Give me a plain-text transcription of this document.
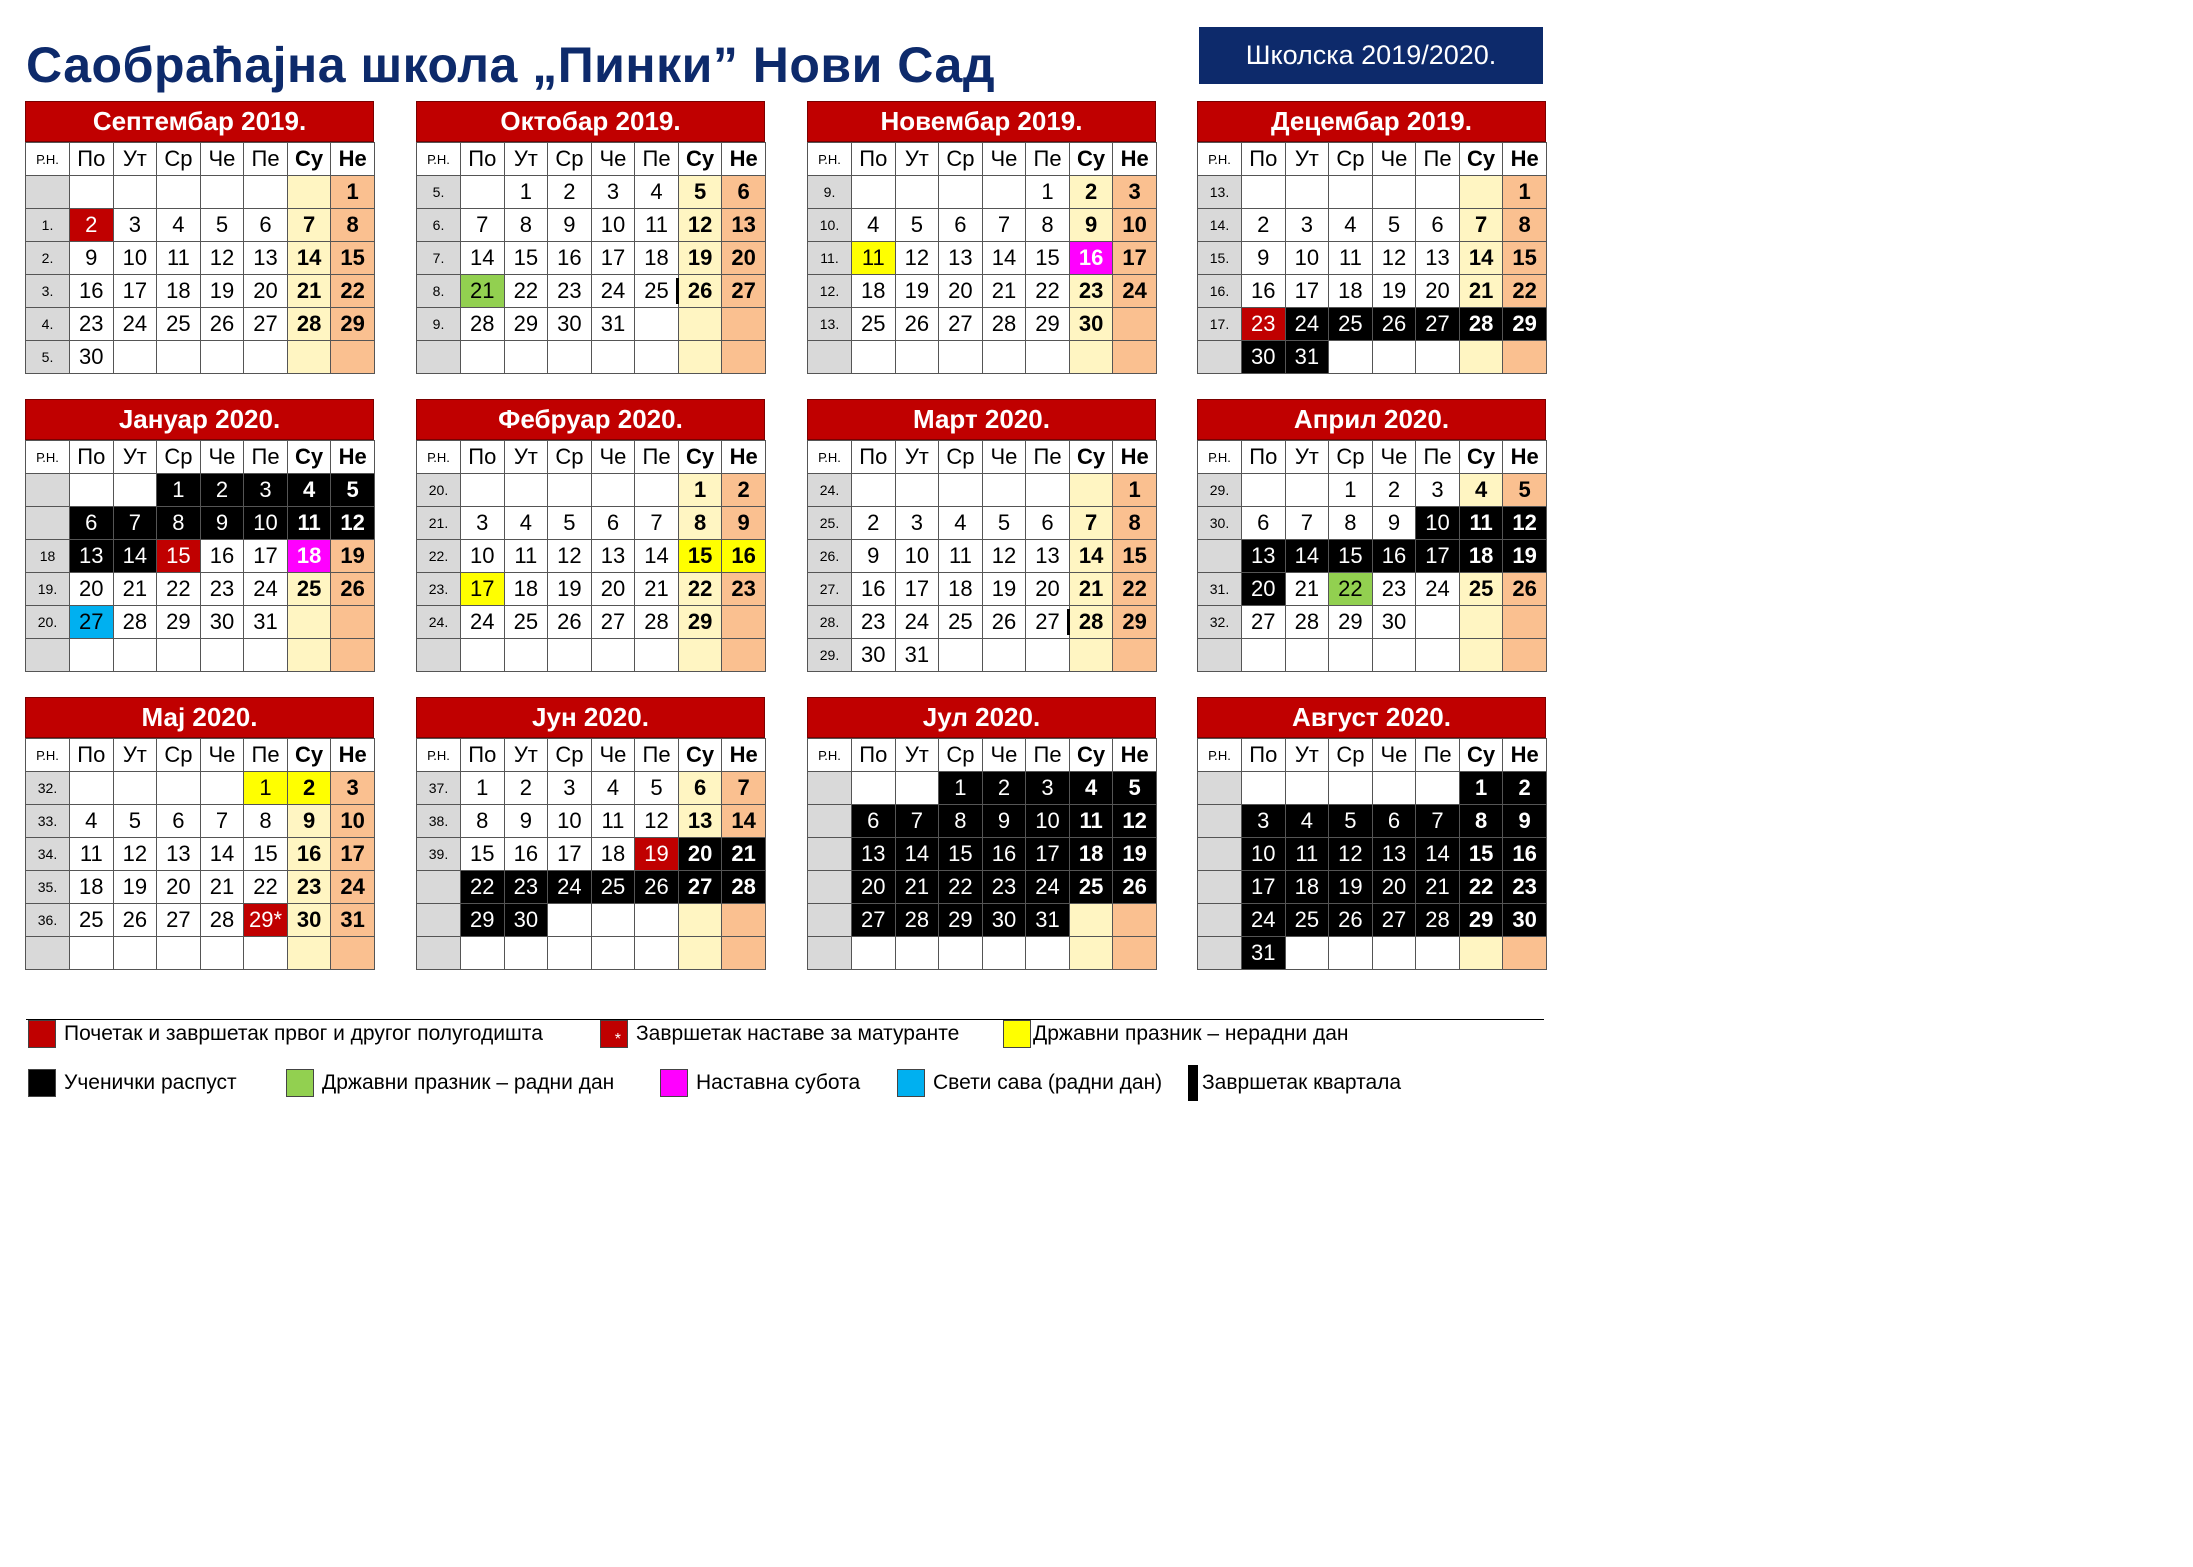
Саобраћајна школа „Пинки” Нови Сад	Школска 2019/2020.
Септембар 2019.
Р.Н.	По	Ут	Ср	Че	Пе	Су	Не
							1
1.	2	3	4	5	6	7	8
2.	9	10	11	12	13	14	15
3.	16	17	18	19	20	21	22
4.	23	24	25	26	27	28	29
5.	30						
Октобар 2019.
Р.Н.	По	Ут	Ср	Че	Пе	Су	Не
5.		1	2	3	4	5	6
6.	7	8	9	10	11	12	13
7.	14	15	16	17	18	19	20
8.	21	22	23	24	25	26	27
9.	28	29	30	31			

Новембар 2019.
Р.Н.	По	Ут	Ср	Че	Пе	Су	Не
9.					1	2	3
10.	4	5	6	7	8	9	10
11.	11	12	13	14	15	16	17
12.	18	19	20	21	22	23	24
13.	25	26	27	28	29	30	

Децембар 2019.
Р.Н.	По	Ут	Ср	Че	Пе	Су	Не
13.							1
14.	2	3	4	5	6	7	8
15.	9	10	11	12	13	14	15
16.	16	17	18	19	20	21	22
17.	23	24	25	26	27	28	29
	30	31					
Јануар 2020.
Р.Н.	По	Ут	Ср	Че	Пе	Су	Не
			1	2	3	4	5
	6	7	8	9	10	11	12
18	13	14	15	16	17	18	19
19.	20	21	22	23	24	25	26
20.	27	28	29	30	31		

Фебруар 2020.
Р.Н.	По	Ут	Ср	Че	Пе	Су	Не
20.						1	2
21.	3	4	5	6	7	8	9
22.	10	11	12	13	14	15	16
23.	17	18	19	20	21	22	23
24.	24	25	26	27	28	29	

Март 2020.
Р.Н.	По	Ут	Ср	Че	Пе	Су	Не
24.							1
25.	2	3	4	5	6	7	8
26.	9	10	11	12	13	14	15
27.	16	17	18	19	20	21	22
28.	23	24	25	26	27	28	29
29.	30	31					
Април 2020.
Р.Н.	По	Ут	Ср	Че	Пе	Су	Не
29.			1	2	3	4	5
30.	6	7	8	9	10	11	12
	13	14	15	16	17	18	19
31.	20	21	22	23	24	25	26
32.	27	28	29	30			

Мај 2020.
Р.Н.	По	Ут	Ср	Че	Пе	Су	Не
32.					1	2	3
33.	4	5	6	7	8	9	10
34.	11	12	13	14	15	16	17
35.	18	19	20	21	22	23	24
36.	25	26	27	28	29*	30	31

Јун 2020.
Р.Н.	По	Ут	Ср	Че	Пе	Су	Не
37.	1	2	3	4	5	6	7
38.	8	9	10	11	12	13	14
39.	15	16	17	18	19	20	21
	22	23	24	25	26	27	28
	29	30					

Јул 2020.
Р.Н.	По	Ут	Ср	Че	Пе	Су	Не
			1	2	3	4	5
	6	7	8	9	10	11	12
	13	14	15	16	17	18	19
	20	21	22	23	24	25	26
	27	28	29	30	31		

Август 2020.
Р.Н.	По	Ут	Ср	Че	Пе	Су	Не
						1	2
	3	4	5	6	7	8	9
	10	11	12	13	14	15	16
	17	18	19	20	21	22	23
	24	25	26	27	28	29	30
	31						
Почетак и завршетак првог и другог полугодишта	* Завршетак наставе за матуранте	Државни празник – нерадни дан
Ученички распуст	Државни празник – радни дан	Наставна субота	Свети сава (радни дан) Завршетак квартала
